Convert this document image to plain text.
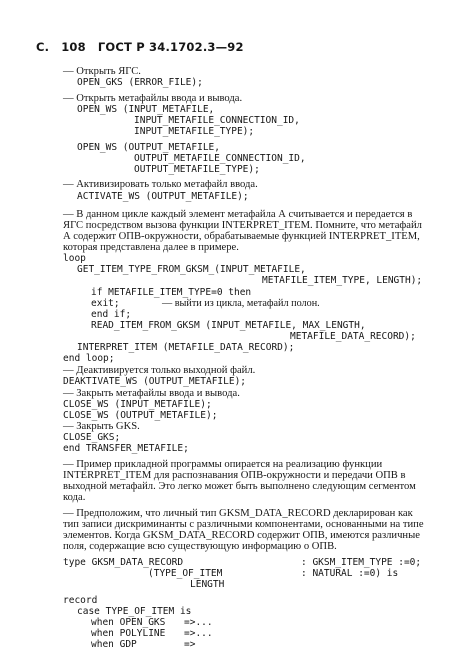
С. 108 ГОСТ Р 34.1702.3—92
— Открыть ЯГС.
OPEN_GKS (ERROR_FILE);
— Открыть метафайлы ввода и вывода.
OPEN_WS (INPUT_METAFILE,
INPUT_METAFILE_CONNECTION_ID,
INPUT_METAFILE_TYPE);
OPEN_WS (OUTPUT_METAFILE,
OUTPUT_METAFILE_CONNECTION_ID,
OUTPUT_METAFILE_TYPE);
— Активизировать только метафайл ввода.
ACTIVATE_WS (OUTPUT_METAFILE);
— В данном цикле каждый элемент метафайла А считывается и передается в
ЯГС посредством вызова функции INTERPRET_ITEM. Помните, что метафайл
А содержит ОПВ-окружности, обрабатываемые функцией INTERPRET_ITEM,
которая представлена далее в примере.
loop
GET_ITEM_TYPE_FROM_GKSM_(INPUT_METAFILE,
METAFILE_ITEM_TYPE, LENGTH);
if METAFILE_ITEM_TYPE=0 then
exit;	— выйти из цикла, метафайл полон.
end if;
READ_ITEM_FROM_GKSM (INPUT_METAFILE, MAX_LENGTH,
METAFILE_DATA_RECORD);
INTERPRET_ITEM (METAFILE_DATA_RECORD);
end loop;
— Деактивируется только выходной файл.
DEAKTIVATE_WS (OUTPUT_METAFILE);
— Закрыть метафайлы ввода и вывода.
CLOSE_WS (INPUT_METAFILE);
CLOSE_WS (OUTPUT_METAFILE);
— Закрыть GKS.
CLOSE_GKS;
end TRANSFER_METAFILE;
— Пример прикладной программы опирается на реализацию функции
INTERPRET_ITEM для распознавания ОПВ-окружности и передачи ОПВ в
выходной метафайл. Это легко может быть выполнено следующим сегментом
кода.
— Предположим, что личный тип GKSM_DATA_RECORD декларирован как
тип записи дискриминанты с различными компонентами, основанными на типе
элементов. Когда GKSM_DATA_RECORD содержит ОПВ, имеются различные
поля, содержащие всю существующую информацию о ОПВ.
type GKSM_DATA_RECORD	: GKSM_ITEM_TYPE :=0;
(TYPE_OF_ITEM	: NATURAL :=0) is
LENGTH
record
case TYPE_OF_ITEM is
when OPEN_GKS =>...
when POLYLINE =>...
when GDP	=>
